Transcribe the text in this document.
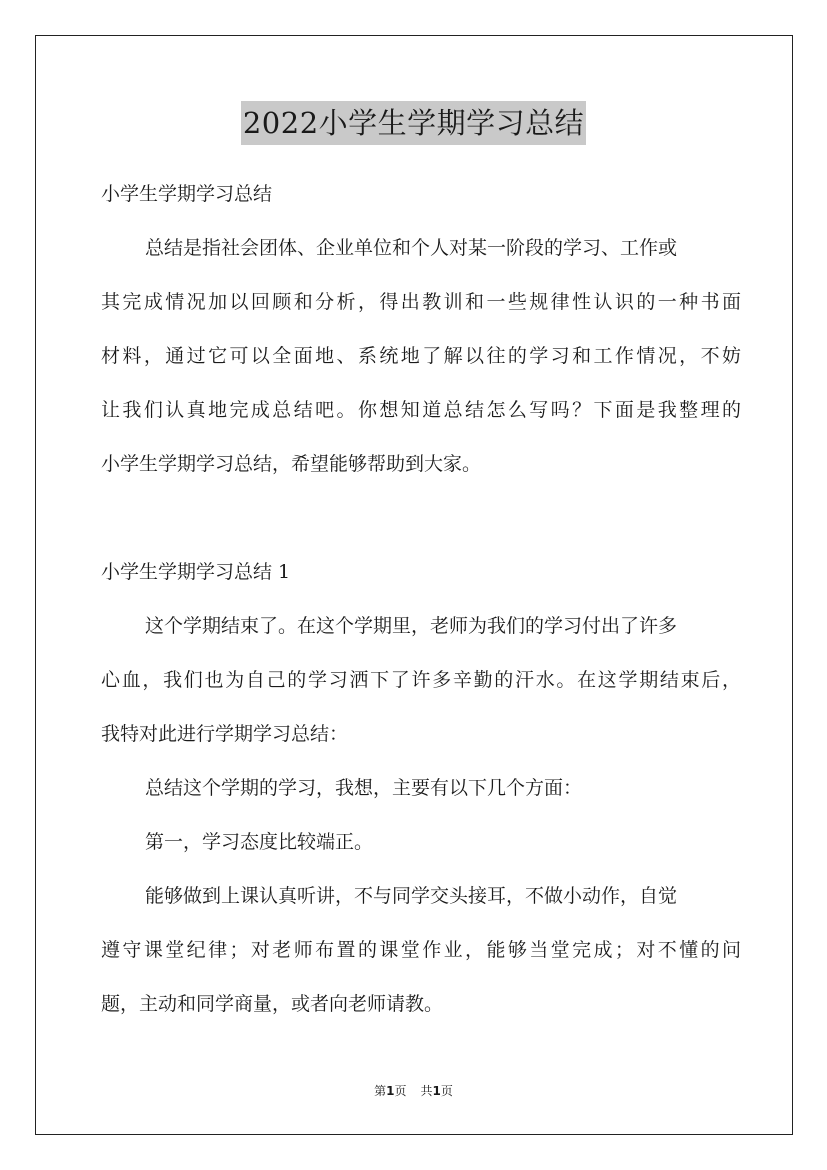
2022小学生学期学习总结

小学生学期学习总结

总结是指社会团体、企业单位和个人对某一阶段的学习、工作或

其完成情况加以回顾和分析，得出教训和一些规律性认识的一种书面

材料，通过它可以全面地、系统地了解以往的学习和工作情况，不妨

让我们认真地完成总结吧。你想知道总结怎么写吗？下面是我整理的

小学生学期学习总结，希望能够帮助到大家。

小学生学期学习总结 1

这个学期结束了。在这个学期里，老师为我们的学习付出了许多

心血，我们也为自己的学习洒下了许多辛勤的汗水。在这学期结束后，

我特对此进行学期学习总结：

总结这个学期的学习，我想，主要有以下几个方面：

第一，学习态度比较端正。

能够做到上课认真听讲，不与同学交头接耳，不做小动作，自觉

遵守课堂纪律；对老师布置的课堂作业，能够当堂完成；对不懂的问

题，主动和同学商量，或者向老师请教。

第1页 共1页
